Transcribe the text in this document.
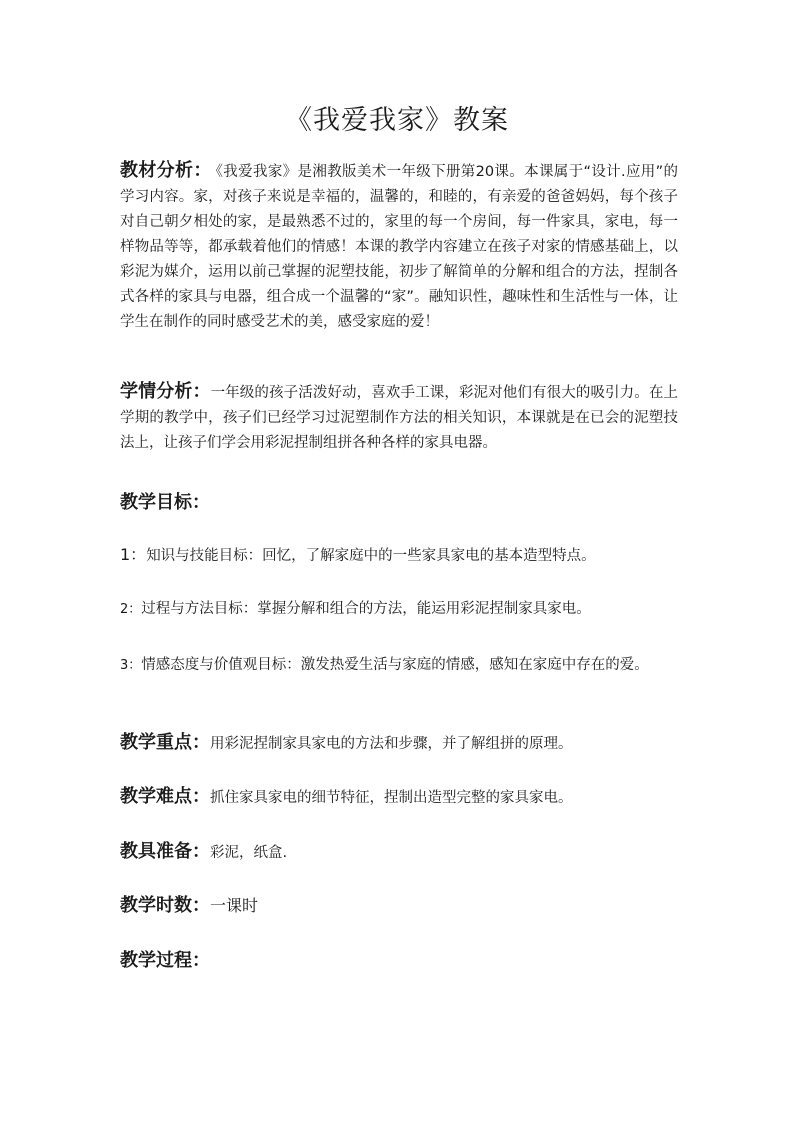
《我爱我家》教案
教材分析： 《我爱我家》是湘教版美术一年级下册第20课。本课属于“设计.应用”的学习内容。家，对孩子来说是幸福的，温馨的，和睦的，有亲爱的爸爸妈妈，每个孩子对自己朝夕相处的家，是最熟悉不过的，家里的每一个房间，每一件家具，家电，每一样物品等等，都承载着他们的情感！本课的教学内容建立在孩子对家的情感基础上，以彩泥为媒介，运用以前己掌握的泥塑技能，初步了解简单的分解和组合的方法，捏制各式各样的家具与电器，组合成一个温馨的“家”。融知识性，趣味性和生活性与一体，让学生在制作的同时感受艺术的美，感受家庭的爱！
学情分析：一年级的孩子活泼好动，喜欢手工课，彩泥对他们有很大的吸引力。在上学期的教学中，孩子们已经学习过泥塑制作方法的相关知识，本课就是在已会的泥塑技法上，让孩子们学会用彩泥捏制组拼各种各样的家具电器。
教学目标：
1：知识与技能目标：回忆，了解家庭中的一些家具家电的基本造型特点。
2：过程与方法目标：掌握分解和组合的方法，能运用彩泥捏制家具家电。
3：情感态度与价值观目标：激发热爱生活与家庭的情感，感知在家庭中存在的爱。
教学重点：用彩泥捏制家具家电的方法和步骤，并了解组拼的原理。
教学难点：抓住家具家电的细节特征，捏制出造型完整的家具家电。
教具准备：彩泥，纸盒.
教学时数：一课时
教学过程：
